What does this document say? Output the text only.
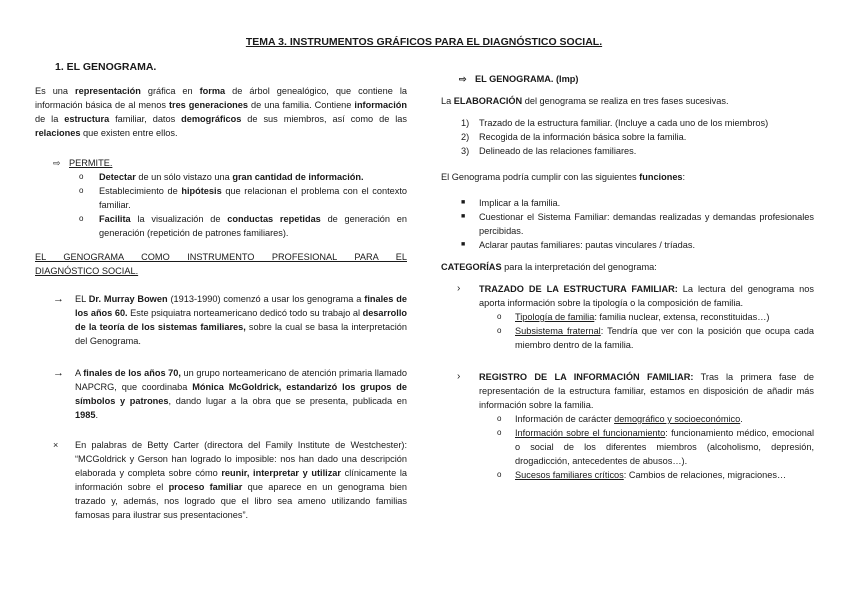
TEMA 3. INSTRUMENTOS GRÁFICOS PARA EL DIAGNÓSTICO SOCIAL.
1. EL GENOGRAMA.

Es una representación gráfica en forma de árbol genealógico, que contiene la información básica de al menos tres generaciones de una familia. Contiene información de la estructura familiar, datos demográficos de sus miembros, así como de las relaciones que existen entre ellos.

⇨ PERMITE.
o	Detectar de un sólo vistazo una gran cantidad de información.
o	Establecimiento de hipótesis que relacionan el problema con el contexto familiar.
o	Facilita la visualización de conductas repetidas de generación en generación (repetición de patrones familiares).
EL GENOGRAMA COMO INSTRUMENTO PROFESIONAL PARA EL
DIAGNÓSTICO SOCIAL.
→	EL Dr. Murray Bowen (1913-1990) comenzó a usar los genograma a finales de los años 60. Este psiquiatra norteamericano dedicó todo su trabajo al desarrollo de la teoría de los sistemas familiares, sobre la cual se basa la interpretación del Genograma.
→	A finales de los años 70, un grupo norteamericano de atención primaria llamado NAPCRG, que coordinaba Mónica McGoldrick, estandarizó los grupos de símbolos y patrones, dando lugar a la obra que se presenta, publicada en 1985.
×	En palabras de Betty Carter (directora del Family Institute de Westchester): “MCGoldrick y Gerson han logrado lo imposible: nos han dado una descripción elaborada y completa sobre cómo reunir, interpretar y utilizar clínicamente la información sobre el proceso familiar que aparece en un genograma bien trazado y, además, nos logrado que el libro sea ameno utilizando familias famosas para ilustrar sus presentaciones”.
⇨ EL GENOGRAMA. (Imp)

La ELABORACIÓN del genograma se realiza en tres fases sucesivas.

1)	Trazado de la estructura familiar. (Incluye a cada uno de los miembros)
2)	Recogida de la información básica sobre la familia.
3)	Delineado de las relaciones familiares.

El Genograma podría cumplir con las siguientes funciones:

■	Implicar a la familia.
■	Cuestionar el Sistema Familiar: demandas realizadas y demandas profesionales percibidas.
■	Aclarar pautas familiares: pautas vinculares / tríadas.

CATEGORÍAS para la interpretación del genograma:

›	TRAZADO DE LA ESTRUCTURA FAMILIAR: La lectura del genograma nos aporta información sobre la tipología o la composición de familia.
o	Tipología de familia: familia nuclear, extensa, reconstituidas…)
o	Subsistema fraternal: Tendría que ver con la posición que ocupa cada miembro dentro de la familia.
›	REGISTRO DE LA INFORMACIÓN FAMILIAR: Tras la primera fase de representación de la estructura familiar, estamos en disposición de añadir más información sobre la familia.
o	Información de carácter demográfico y socioeconómico.
o	Información sobre el funcionamiento: funcionamiento médico, emocional o social de los diferentes miembros (alcoholismo, depresión, drogadicción, antecedentes de abusos…).
o	Sucesos familiares críticos: Cambios de relaciones, migraciones…
